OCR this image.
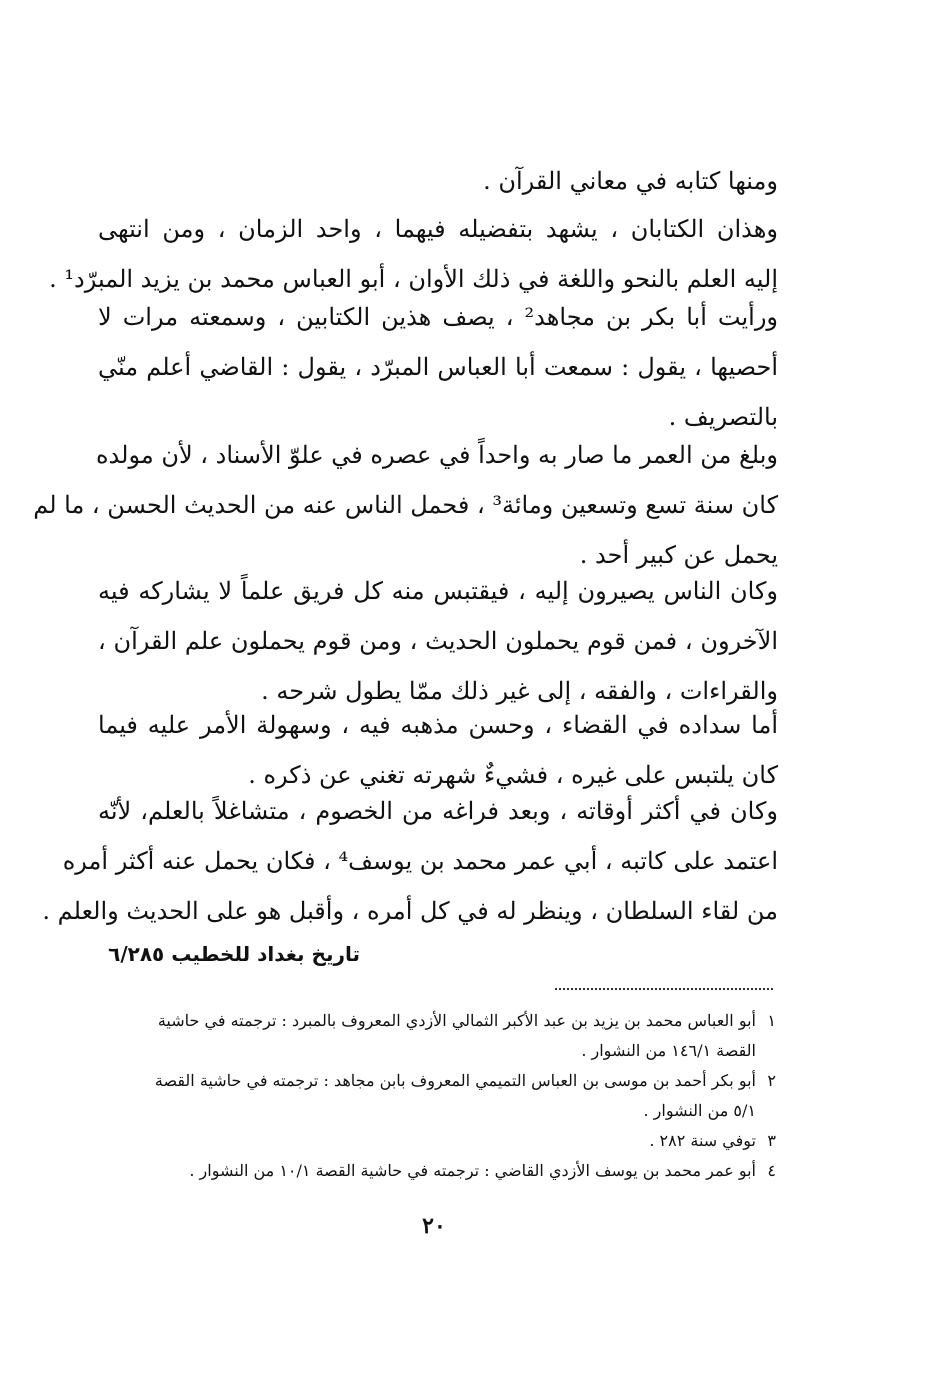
ومنها كتابه في معاني القرآن .
وهذان الكتابان ، يشهد بتفضيله فيهما ، واحد الزمان ، ومن انتهى
إليه العلم بالنحو واللغة في ذلك الأوان ، أبو العباس محمد بن يزيد المبرّد¹ .
ورأيت أبا بكر بن مجاهد² ، يصف هذين الكتابين ، وسمعته مرات لا
أحصيها ، يقول : سمعت أبا العباس المبرّد ، يقول : القاضي أعلم منّي
بالتصريف .
وبلغ من العمر ما صار به واحداً في عصره في علوّ الأسناد ، لأن مولده
كان سنة تسع وتسعين ومائة³ ، فحمل الناس عنه من الحديث الحسن ، ما لم
يحمل عن كبير أحد .
وكان الناس يصيرون إليه ، فيقتبس منه كل فريق علماً لا يشاركه فيه
الآخرون ، فمن قوم يحملون الحديث ، ومن قوم يحملون علم القرآن ،
والقراءات ، والفقه ، إلى غير ذلك ممّا يطول شرحه .
أما سداده في القضاء ، وحسن مذهبه فيه ، وسهولة الأمر عليه فيما
كان يلتبس على غيره ، فشيءٌ شهرته تغني عن ذكره .
وكان في أكثر أوقاته ، وبعد فراغه من الخصوم ، متشاغلاً بالعلم، لأنّه
اعتمد على كاتبه ، أبي عمر محمد بن يوسف⁴ ، فكان يحمل عنه أكثر أمره
من لقاء السلطان ، وينظر له في كل أمره ، وأقبل هو على الحديث والعلم .
تاريخ بغداد للخطيب ٦/٢٨٥
١
أبو العباس محمد بن يزيد بن عبد الأكبر الثمالي الأزدي المعروف بالمبرد : ترجمته في حاشية
القصة ١٤٦/١ من النشوار .
٢
أبو بكر أحمد بن موسى بن العباس التميمي المعروف بابن مجاهد : ترجمته في حاشية القصة
٥/١ من النشوار .
٣
توفي سنة ٢٨٢ .
٤
أبو عمر محمد بن يوسف الأزدي القاضي : ترجمته في حاشية القصة ١٠/١ من النشوار .
٢٠
